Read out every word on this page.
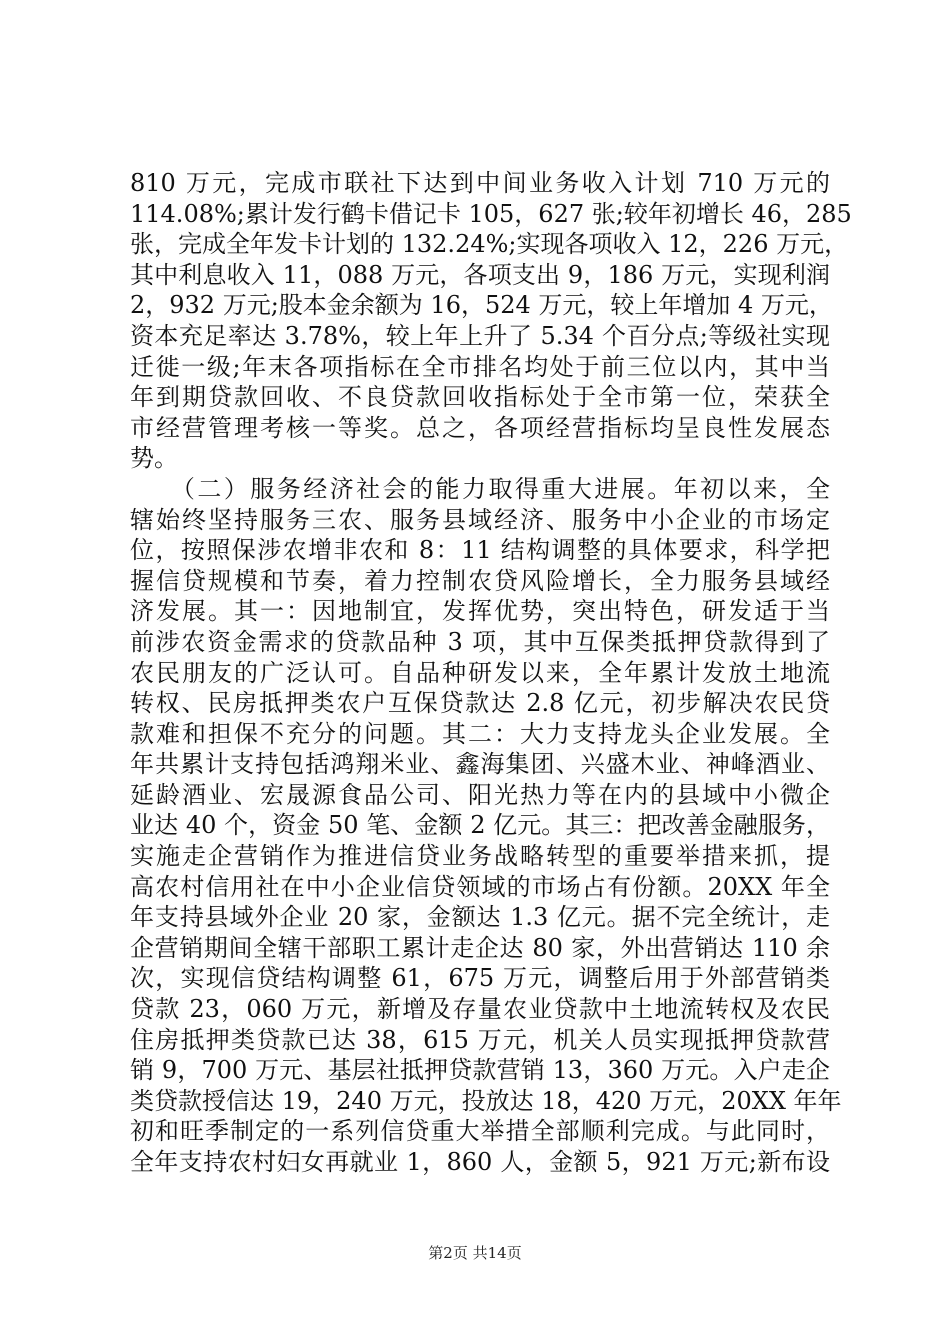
810 万元，完成市联社下达到中间业务收入计划 710 万元的
114.08%;累计发行鹤卡借记卡 105，627 张;较年初增长 46，285
张，完成全年发卡计划的 132.24%;实现各项收入 12，226 万元，
其中利息收入 11，088 万元，各项支出 9，186 万元，实现利润
2，932 万元;股本金余额为 16，524 万元，较上年增加 4 万元，
资本充足率达 3.78%，较上年上升了 5.34 个百分点;等级社实现
迁徙一级;年末各项指标在全市排名均处于前三位以内，其中当
年到期贷款回收、不良贷款回收指标处于全市第一位，荣获全
市经营管理考核一等奖。总之，各项经营指标均呈良性发展态
势。
　　（二）服务经济社会的能力取得重大进展。年初以来，全
辖始终坚持服务三农、服务县域经济、服务中小企业的市场定
位，按照保涉农增非农和 8：11 结构调整的具体要求，科学把
握信贷规模和节奏，着力控制农贷风险增长，全力服务县域经
济发展。其一：因地制宜，发挥优势，突出特色，研发适于当
前涉农资金需求的贷款品种 3 项，其中互保类抵押贷款得到了
农民朋友的广泛认可。自品种研发以来，全年累计发放土地流
转权、民房抵押类农户互保贷款达 2.8 亿元，初步解决农民贷
款难和担保不充分的问题。其二：大力支持龙头企业发展。全
年共累计支持包括鸿翔米业、鑫海集团、兴盛木业、神峰酒业、
延龄酒业、宏晟源食品公司、阳光热力等在内的县域中小微企
业达 40 个，资金 50 笔、金额 2 亿元。其三：把改善金融服务，
实施走企营销作为推进信贷业务战略转型的重要举措来抓，提
高农村信用社在中小企业信贷领域的市场占有份额。20XX 年全
年支持县域外企业 20 家，金额达 1.3 亿元。据不完全统计，走
企营销期间全辖干部职工累计走企达 80 家，外出营销达 110 余
次，实现信贷结构调整 61，675 万元，调整后用于外部营销类
贷款 23，060 万元，新增及存量农业贷款中土地流转权及农民
住房抵押类贷款已达 38，615 万元，机关人员实现抵押贷款营
销 9，700 万元、基层社抵押贷款营销 13，360 万元。入户走企
类贷款授信达 19，240 万元，投放达 18，420 万元，20XX 年年
初和旺季制定的一系列信贷重大举措全部顺利完成。与此同时，
全年支持农村妇女再就业 1，860 人，金额 5，921 万元;新布设
第2页 共14页
